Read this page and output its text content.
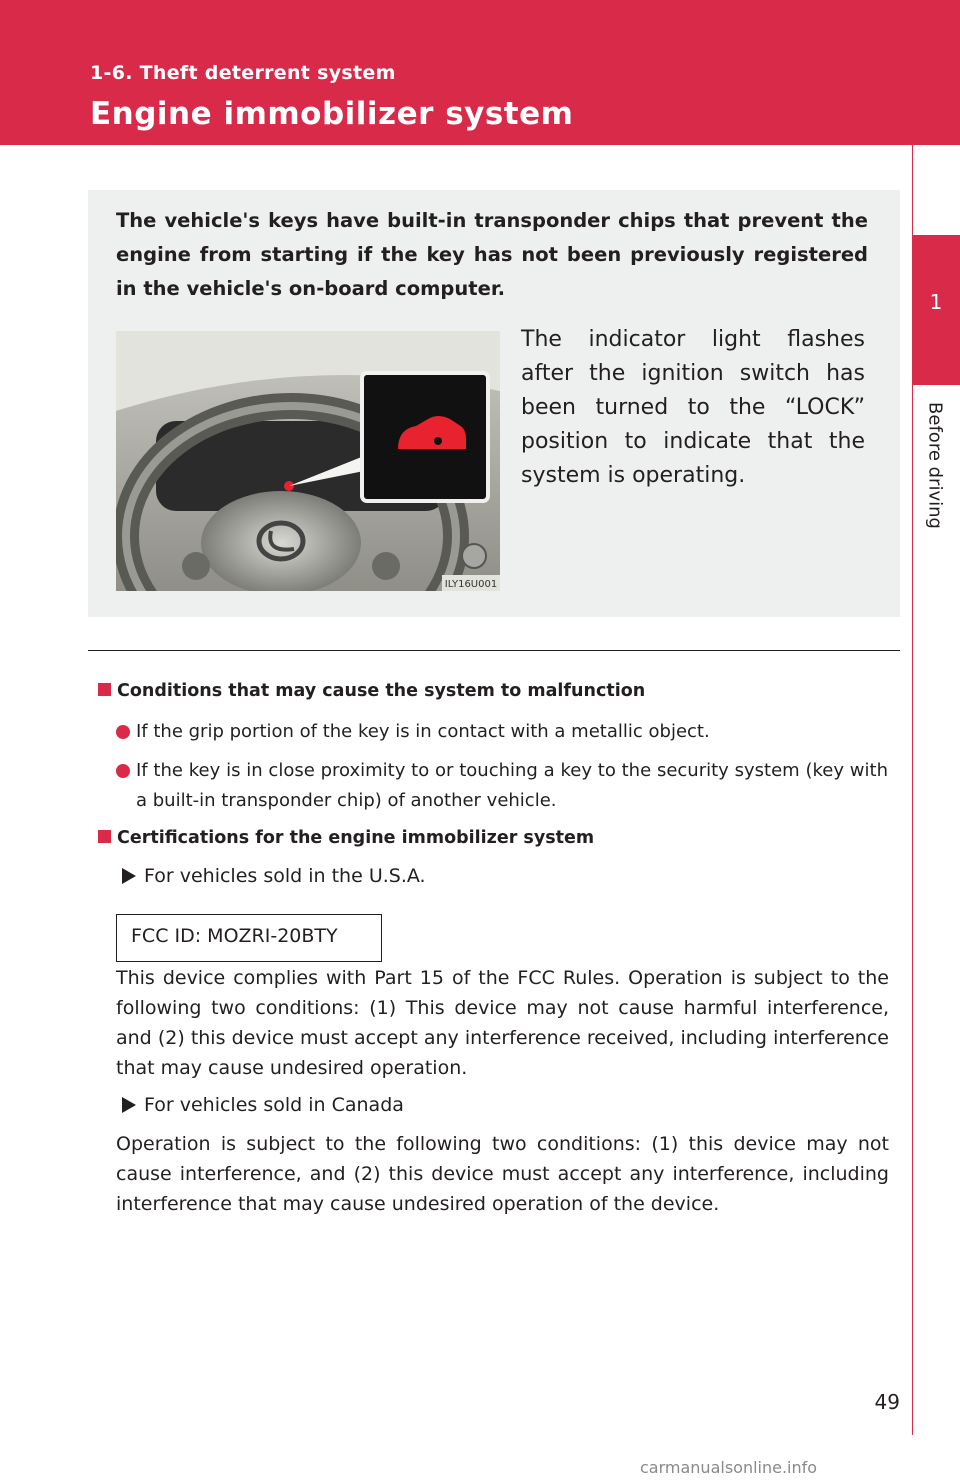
1-6. Theft deterrent system
Engine immobilizer system
1
Before driving

The vehicle's keys have built-in transponder chips that prevent the engine from starting if the key has not been previously registered in the vehicle's on-board computer.

ILY16U001

The indicator light flashes after the ignition switch has been turned to the “LOCK” position to indicate that the system is operating.

Conditions that may cause the system to malfunction

If the grip portion of the key is in contact with a metallic object.

If the key is in close proximity to or touching a key to the security system (key with a built-in transponder chip) of another vehicle.

Certifications for the engine immobilizer system

For vehicles sold in the U.S.A.

FCC ID: MOZRI-20BTY

This device complies with Part 15 of the FCC Rules. Operation is subject to the following two conditions: (1) This device may not cause harmful interference, and (2) this device must accept any interference received, including interference that may cause undesired operation.

For vehicles sold in Canada

Operation is subject to the following two conditions: (1) this device may not cause interference, and (2) this device must accept any interference, including interference that may cause undesired operation of the device.

49
carmanualsonline.info
